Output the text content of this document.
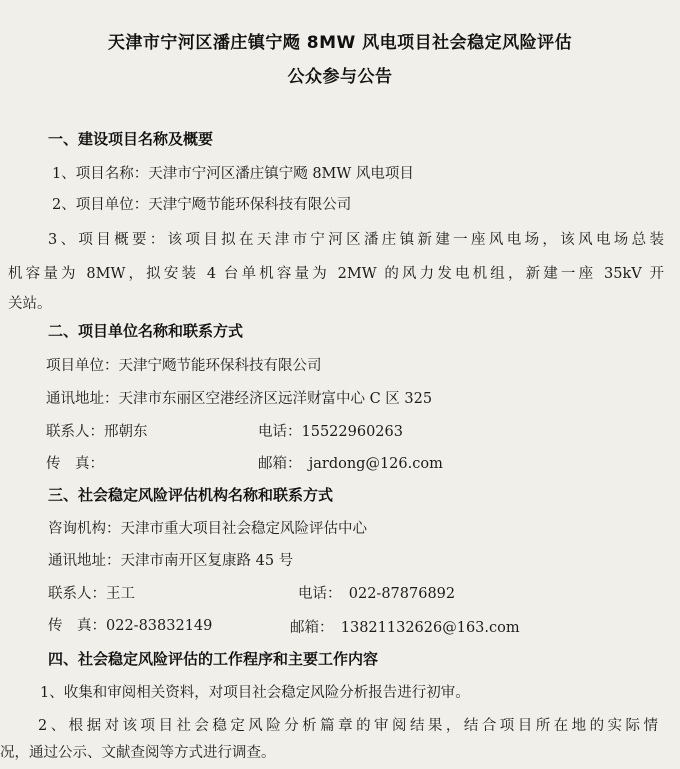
天津市宁河区潘庄镇宁飏 8MW 风电项目社会稳定风险评估
公众参与公告
一、建设项目名称及概要
1、项目名称：天津市宁河区潘庄镇宁飏 8MW 风电项目
2、项目单位：天津宁飏节能环保科技有限公司
3、项目概要：该项目拟在天津市宁河区潘庄镇新建一座风电场，该风电场总装
机容量为 8MW，拟安装 4 台单机容量为 2MW 的风力发电机组，新建一座 35kV 开
关站。
二、项目单位名称和联系方式
项目单位：天津宁飏节能环保科技有限公司
通讯地址：天津市东丽区空港经济区远洋财富中心 C 区 325
联系人：邢朝东	电话：15522960263
传　真：	邮箱：　jardong@126.com
三、社会稳定风险评估机构名称和联系方式
咨询机构：天津市重大项目社会稳定风险评估中心
通讯地址：天津市南开区复康路 45 号
联系人：王工	电话：　022-87876892
传　真：022-83832149	邮箱：　13821132626@163.com
四、社会稳定风险评估的工作程序和主要工作内容
1、收集和审阅相关资料，对项目社会稳定风险分析报告进行初审。
2、根据对该项目社会稳定风险分析篇章的审阅结果，结合项目所在地的实际情
况，通过公示、文献查阅等方式进行调查。
